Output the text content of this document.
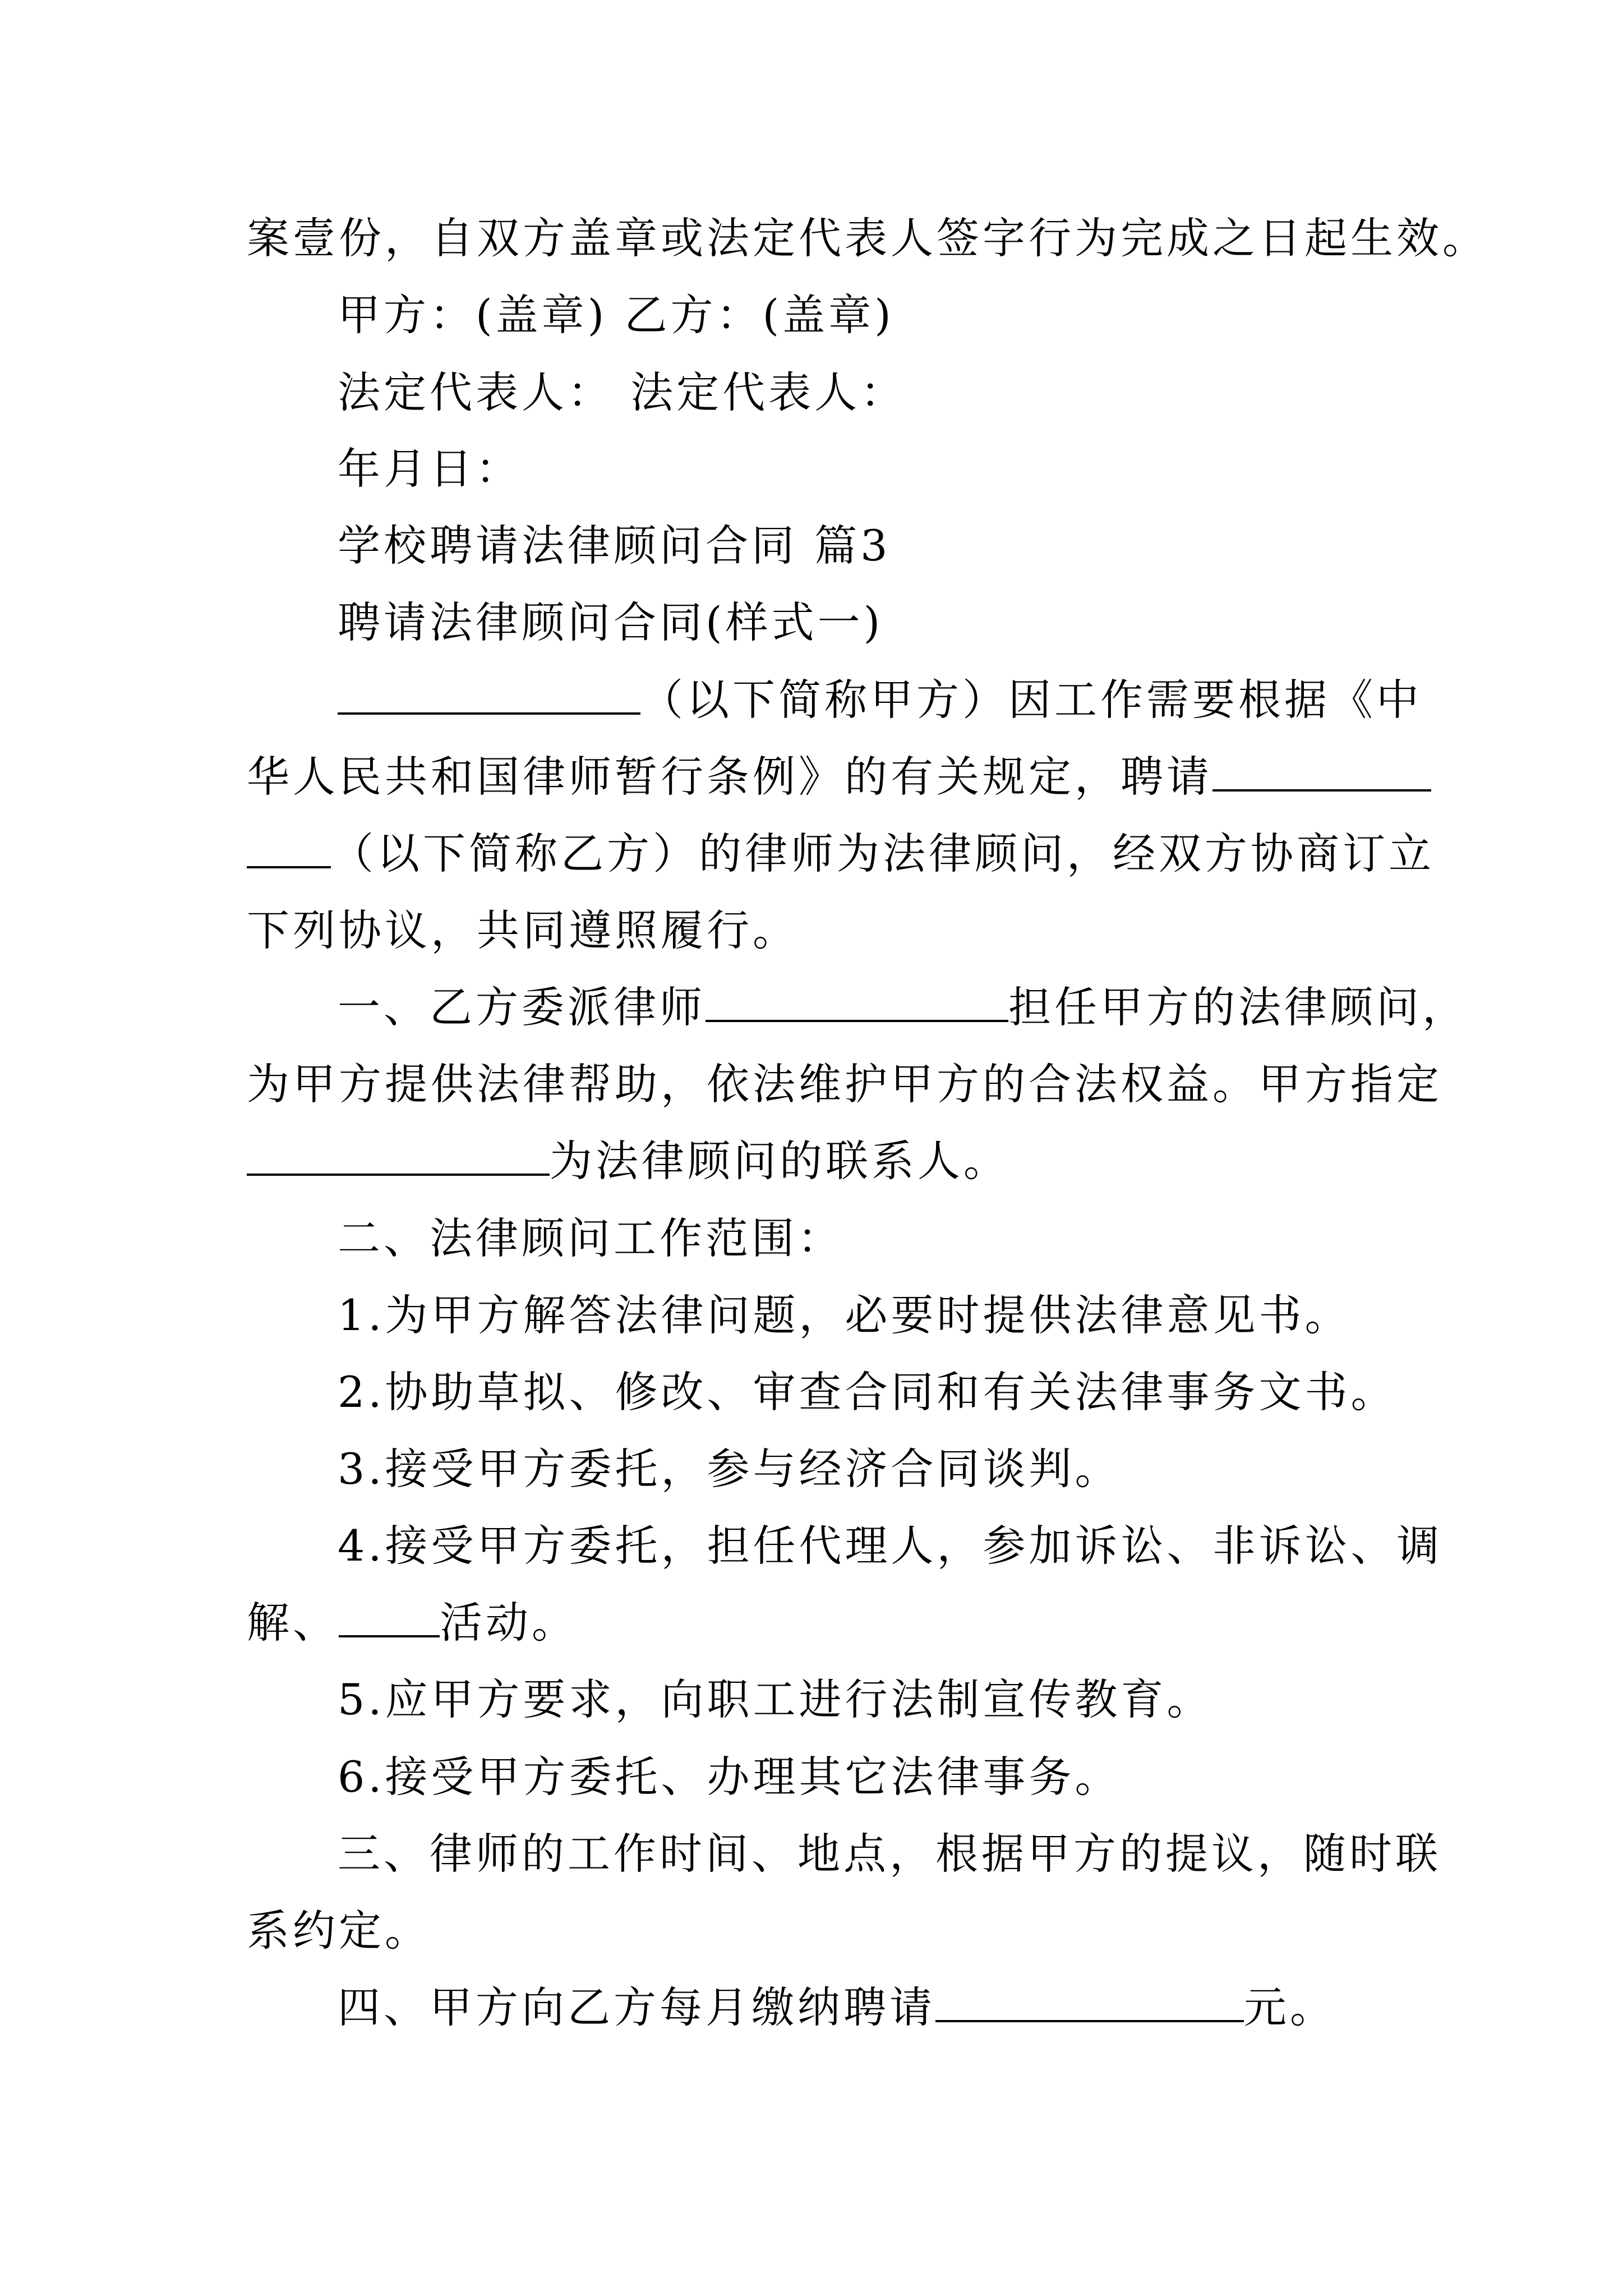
案壹份，自双方盖章或法定代表人签字行为完成之日起生效。
甲方：(盖章) 乙方：(盖章)
法定代表人： 法定代表人：
年月日：
学校聘请法律顾问合同 篇3
聘请法律顾问合同(样式一)
（以下简称甲方）因工作需要根据《中
华人民共和国律师暂行条例》的有关规定，聘请
（以下简称乙方）的律师为法律顾问，经双方协商订立
下列协议，共同遵照履行。
一、乙方委派律师	担任甲方的法律顾问，
为甲方提供法律帮助，依法维护甲方的合法权益。甲方指定
为法律顾问的联系人。
二、法律顾问工作范围：
1.为甲方解答法律问题，必要时提供法律意见书。
2.协助草拟、修改、审查合同和有关法律事务文书。
3.接受甲方委托，参与经济合同谈判。
4.接受甲方委托，担任代理人，参加诉讼、非诉讼、调
解、 活动。
5.应甲方要求，向职工进行法制宣传教育。
6.接受甲方委托、办理其它法律事务。
三、律师的工作时间、地点，根据甲方的提议，随时联
系约定。
四、甲方向乙方每月缴纳聘请	元。
